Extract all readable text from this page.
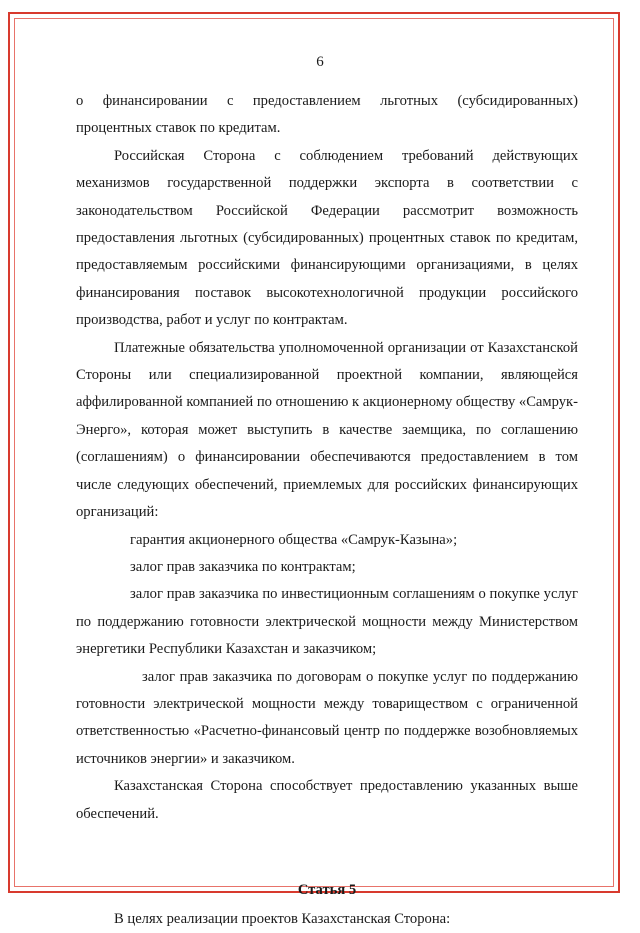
6

о финансировании с предоставлением льготных (субсидированных) процентных ставок по кредитам.

Российская Сторона с соблюдением требований действующих механизмов государственной поддержки экспорта в соответствии с законодательством Российской Федерации рассмотрит возможность предоставления льготных (субсидированных) процентных ставок по кредитам, предоставляемым российскими финансирующими организациями, в целях финансирования поставок высокотехнологичной продукции российского производства, работ и услуг по контрактам.

Платежные обязательства уполномоченной организации от Казахстанской Стороны или специализированной проектной компании, являющейся аффилированной компанией по отношению к акционерному обществу «Самрук-Энерго», которая может выступить в качестве заемщика, по соглашению (соглашениям) о финансировании обеспечиваются предоставлением в том числе следующих обеспечений, приемлемых для российских финансирующих организаций:

гарантия акционерного общества «Самрук-Казына»;

залог прав заказчика по контрактам;

залог прав заказчика по инвестиционным соглашениям о покупке услуг по поддержанию готовности электрической мощности между Министерством энергетики Республики Казахстан и заказчиком;

залог прав заказчика по договорам о покупке услуг по поддержанию готовности электрической мощности между товариществом с ограниченной ответственностью «Расчетно-финансовый центр по поддержке возобновляемых источников энергии» и заказчиком.

Казахстанская Сторона способствует предоставлению указанных выше обеспечений.

Статья 5

В целях реализации проектов Казахстанская Сторона:
